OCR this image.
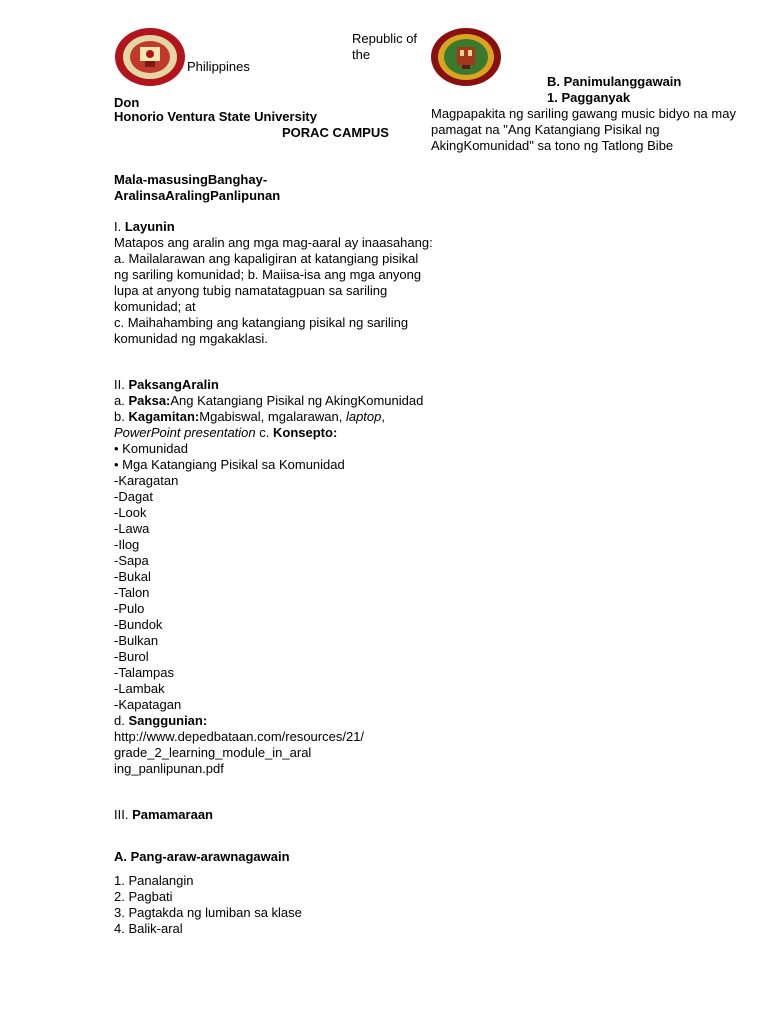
Republic of the
Philippines
Don
Honorio Ventura State University
PORAC CAMPUS
B. Panimulanggawain
1. Pagganyak
Magpapakita ng sariling gawang music bidyo na may pamagat na "Ang Katangiang Pisikal ng AkingKomunidad" sa tono ng Tatlong Bibe
Mala-masusingBanghay-AralinsaAralingPanlipunan
I. Layunin
Matapos ang aralin ang mga mag-aaral ay inaasahang:
a. Mailalarawan ang kapaligiran at katangiang pisikal ng sariling komunidad; b. Maiisa-isa ang mga anyong lupa at anyong tubig namatatagpuan sa sariling komunidad; at
c. Maihahambing ang katangiang pisikal ng sariling komunidad ng mgakaklasi.
II. PaksangAralin
a. Paksa:Ang Katangiang Pisikal ng AkingKomunidad
b. Kagamitan:Mgabiswal, mgalarawan, laptop, PowerPoint presentation c. Konsepto:
• Komunidad
• Mga Katangiang Pisikal sa Komunidad
-Karagatan
-Dagat
-Look
-Lawa
-Ilog
-Sapa
-Bukal
-Talon
-Pulo
-Bundok
-Bulkan
-Burol
-Talampas
-Lambak
-Kapatagan
d. Sanggunian:
http://www.depedbataan.com/resources/21/
grade_2_learning_module_in_aral
ing_panlipunan.pdf
III. Pamamaraan
A. Pang-araw-arawnagawain
1. Panalangin
2. Pagbati
3. Pagtakda ng lumiban sa klase
4. Balik-aral
